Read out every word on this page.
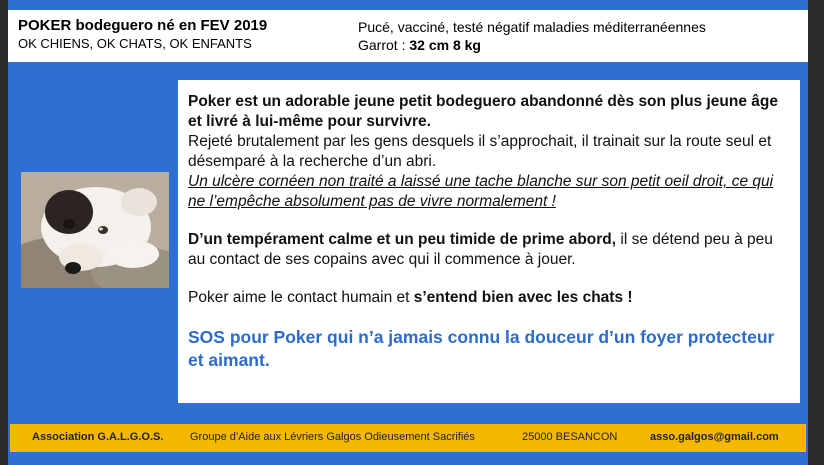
POKER bodeguero né en FEV 2019
OK CHIENS, OK CHATS, OK ENFANTS
Pucé, vacciné, testé négatif maladies méditerranéennes
Garrot : 32 cm 8 kg

Poker est un adorable jeune petit bodeguero abandonné dès son plus jeune âge et livré à lui-même pour survivre.

Rejeté brutalement par les gens desquels il s’approchait, il trainait sur la route seul et désemparé à la recherche d’un abri.

Un ulcère cornéen non traité a laissé une tache blanche sur son petit oeil droit, ce qui ne l’empêche absolument pas de vivre normalement !

D’un tempérament calme et un peu timide de prime abord, il se détend peu à peu au contact de ses copains avec qui il commence à jouer.

Poker aime le contact humain et s’entend bien avec les chats !

SOS pour Poker qui n’a jamais connu la douceur d’un foyer protecteur et aimant.

Association G.A.L.G.O.S. Groupe d’Aide aux Lévriers Galgos Odieusement Sacrifiés	25000 BESANCON	asso.galgos@gmail.com
